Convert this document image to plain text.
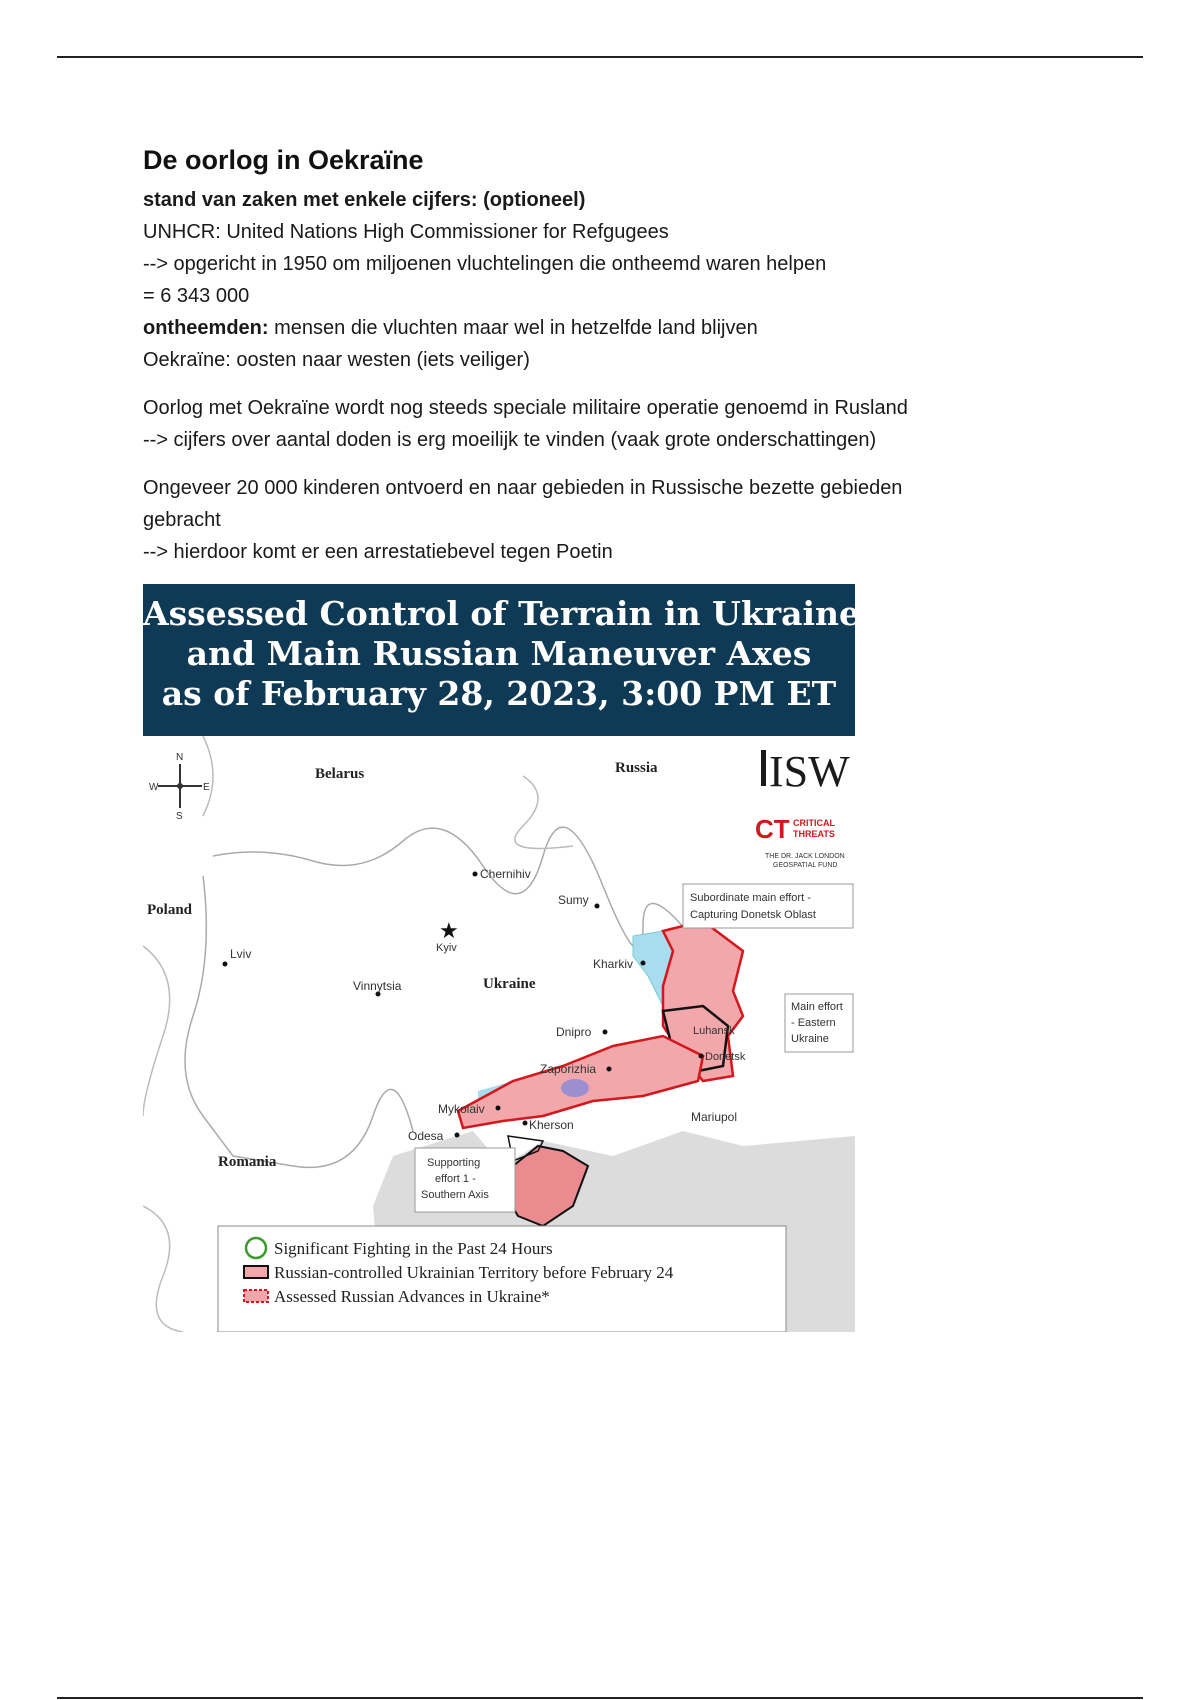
De oorlog in Oekraïne

stand van zaken met enkele cijfers: (optioneel)

UNHCR: United Nations High Commissioner for Refgugees

--> opgericht in 1950 om miljoenen vluchtelingen die ontheemd waren helpen

= 6 343 000

ontheemden: mensen die vluchten maar wel in hetzelfde land blijven

Oekraïne: oosten naar westen (iets veiliger)

Oorlog met Oekraïne wordt nog steeds speciale militaire operatie genoemd in Rusland

--> cijfers over aantal doden is erg moeilijk te vinden (vaak grote onderschattingen)

Ongeveer 20 000 kinderen ontvoerd en naar gebieden in Russische bezette gebieden

gebracht

--> hierdoor komt er een arrestatiebevel tegen Poetin

Assessed Control of Terrain in Ukraine
and Main Russian Maneuver Axes
as of February 28, 2023, 3:00 PM ET
N
S
E
W
Belarus	Russia
Poland
Ukraine
Romania
Chernihiv
Sumy
★
Kyiv
Lviv
Kharkiv
Vinnytsia
Dnipro	Luhansk
Donetsk
Zaporizhia
Mykolaiv
Kherson
Odesa
Mariupol
Subordinate main effort -
Capturing Donetsk Oblast
Main effort
- Eastern
Ukraine
Supporting
effort 1 -
Southern Axis
ISW
CT CRITICAL
THREATS
THE DR. JACK LONDON
GEOSPATIAL FUND
Significant Fighting in the Past 24 Hours
Russian-controlled Ukrainian Territory before February 24
Assessed Russian Advances in Ukraine*
